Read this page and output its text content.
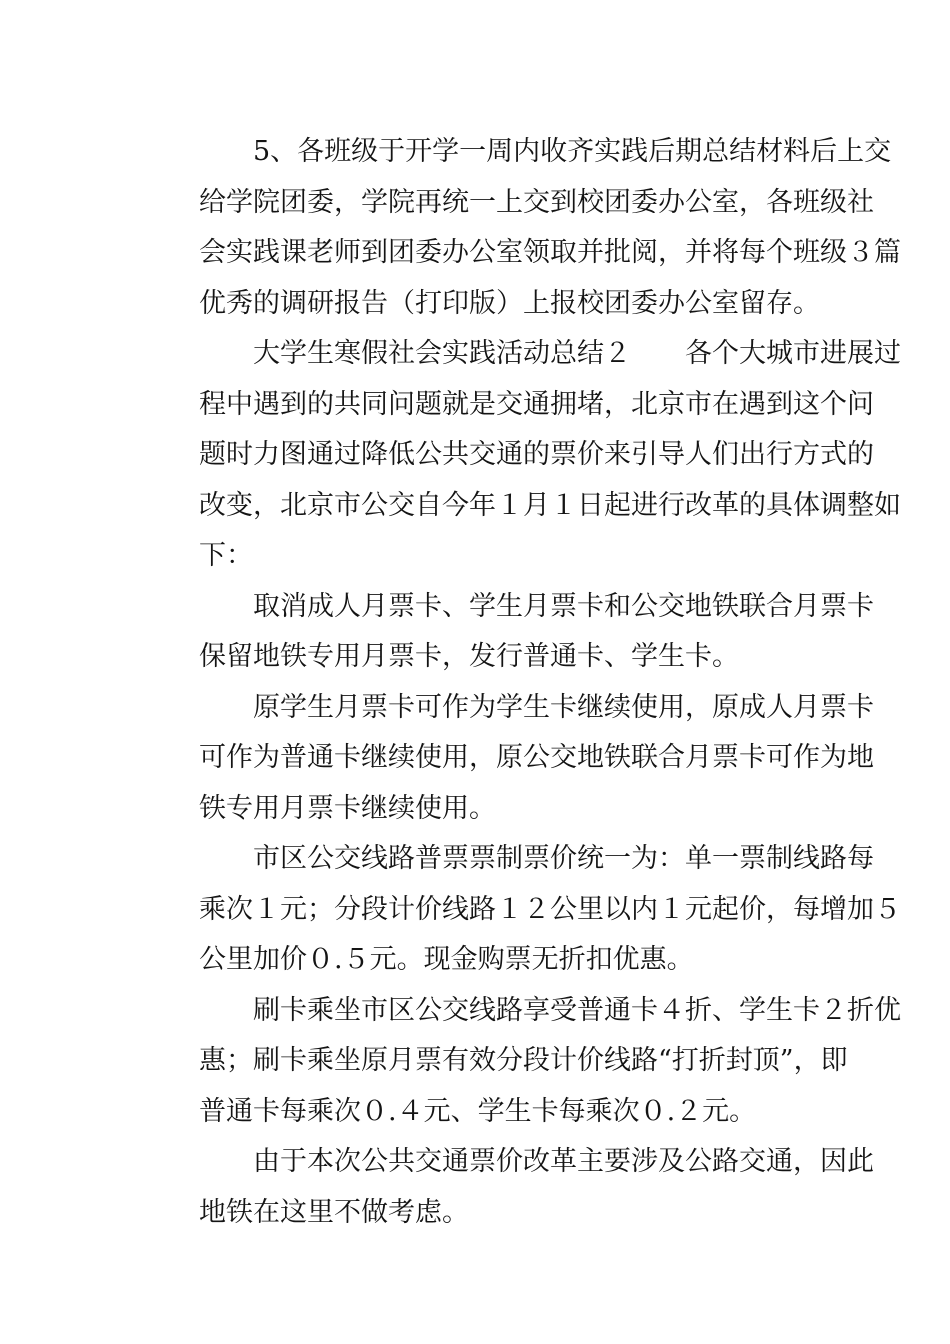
5、各班级于开学一周内收齐实践后期总结材料后上交
给学院团委，学院再统一上交到校团委办公室，各班级社
会实践课老师到团委办公室领取并批阅，并将每个班级３篇
优秀的调研报告（打印版）上报校团委办公室留存。

大学生寒假社会实践活动总结２　　各个大城市进展过
程中遇到的共同问题就是交通拥堵，北京市在遇到这个问
题时力图通过降低公共交通的票价来引导人们出行方式的
改变，北京市公交自今年１月１日起进行改革的具体调整如
下：

取消成人月票卡、学生月票卡和公交地铁联合月票卡
保留地铁专用月票卡，发行普通卡、学生卡。

原学生月票卡可作为学生卡继续使用，原成人月票卡
可作为普通卡继续使用，原公交地铁联合月票卡可作为地
铁专用月票卡继续使用。

市区公交线路普票票制票价统一为：单一票制线路每
乘次１元；分段计价线路１２公里以内１元起价，每增加５
公里加价０.５元。现金购票无折扣优惠。

刷卡乘坐市区公交线路享受普通卡４折、学生卡２折优
惠；刷卡乘坐原月票有效分段计价线路“打折封顶”，即
普通卡每乘次０.４元、学生卡每乘次０.２元。

由于本次公共交通票价改革主要涉及公路交通，因此
地铁在这里不做考虑。
